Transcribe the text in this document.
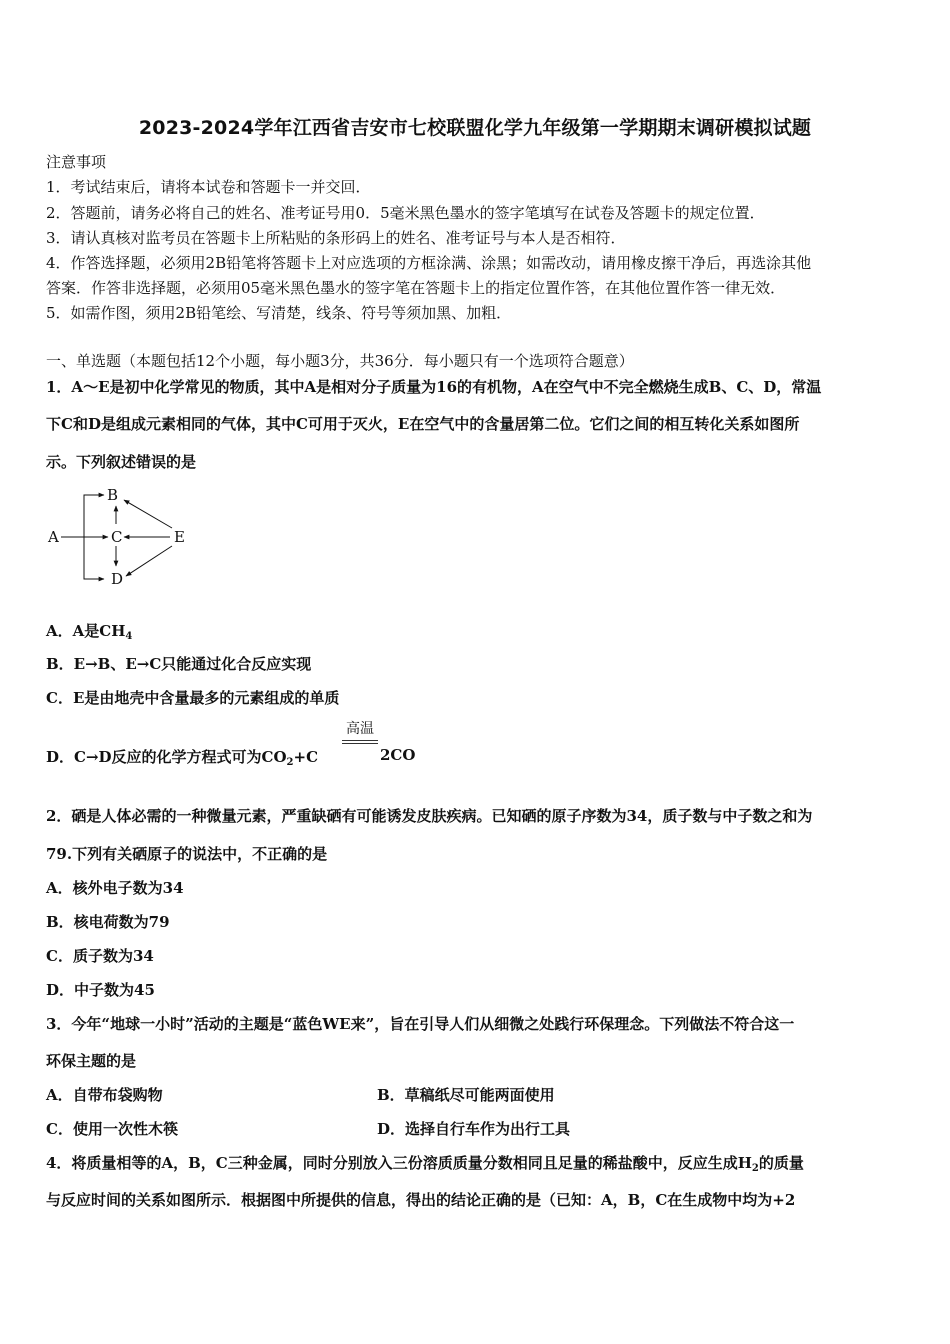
2023-2024学年江西省吉安市七校联盟化学九年级第一学期期末调研模拟试题
注意事项
1．考试结束后，请将本试卷和答题卡一并交回．
2．答题前，请务必将自己的姓名、准考证号用0．5毫米黑色墨水的签字笔填写在试卷及答题卡的规定位置．
3．请认真核对监考员在答题卡上所粘贴的条形码上的姓名、准考证号与本人是否相符．
4．作答选择题，必须用2B铅笔将答题卡上对应选项的方框涂满、涂黑；如需改动，请用橡皮擦干净后，再选涂其他
答案．作答非选择题，必须用05毫米黑色墨水的签字笔在答题卡上的指定位置作答，在其他位置作答一律无效．
5．如需作图，须用2B铅笔绘、写清楚，线条、符号等须加黑、加粗．
一、单选题（本题包括12个小题，每小题3分，共36分．每小题只有一个选项符合题意）
1．A～E是初中化学常见的物质，其中A是相对分子质量为16的有机物，A在空气中不完全燃烧生成B、C、D，常温
下C和D是组成元素相同的气体，其中C可用于灭火，E在空气中的含量居第二位。它们之间的相互转化关系如图所
示。下列叙述错误的是
A
B
C
D
E
A．A是$CH_4$
B．E→B、E→C只能通过化合反应实现
C．E是由地壳中含量最多的元素组成的单质
高温
D．C→D反应的化学方程式可为$CO_2+C$	2CO
2．硒是人体必需的一种微量元素，严重缺硒有可能诱发皮肤疾病。已知硒的原子序数为34，质子数与中子数之和为
79.下列有关硒原子的说法中，不正确的是
A．核外电子数为34
B．核电荷数为79
C．质子数为34
D．中子数为45
3．今年“地球一小时”活动的主题是“蓝色WE来”，旨在引导人们从细微之处践行环保理念。下列做法不符合这一
环保主题的是
A．自带布袋购物	B．草稿纸尽可能两面使用
C．使用一次性木筷	D．选择自行车作为出行工具
4．将质量相等的A，B，C三种金属，同时分别放入三份溶质质量分数相同且足量的稀盐酸中，反应生成$H_2$的质量
与反应时间的关系如图所示．根据图中所提供的信息，得出的结论正确的是（已知：A，B，C在生成物中均为+2
